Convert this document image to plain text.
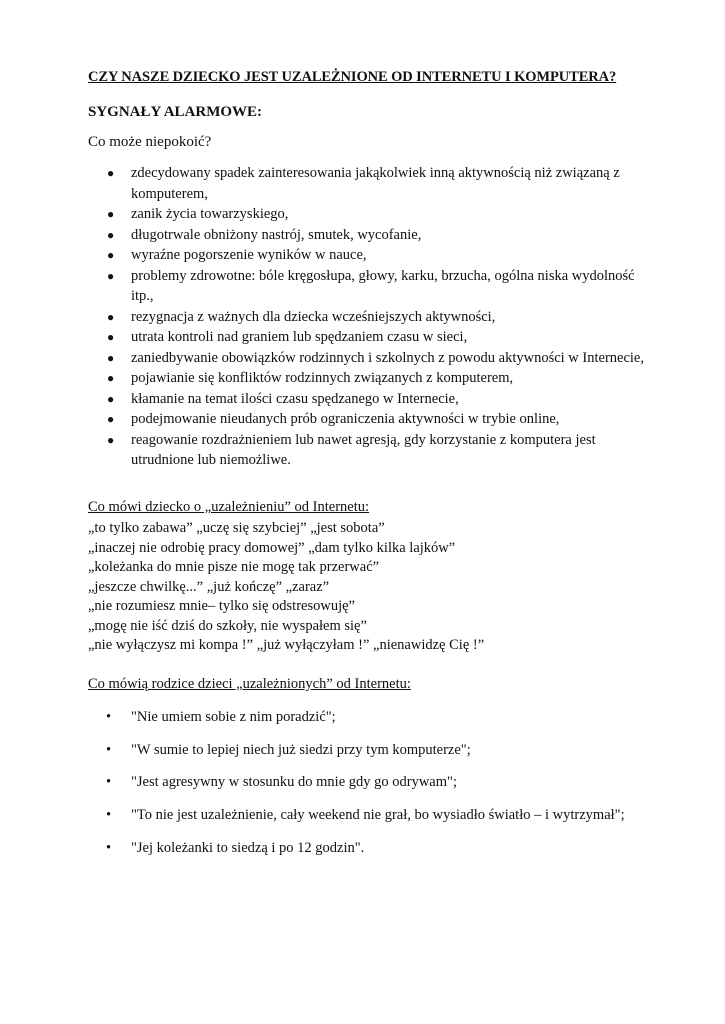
CZY NASZE DZIECKO JEST UZALEŻNIONE OD INTERNETU I KOMPUTERA?
SYGNAŁY ALARMOWE:
Co może niepokoić?
● zdecydowany spadek zainteresowania jakąkolwiek inną aktywnością niż związaną z komputerem,
● zanik życia towarzyskiego,
● długotrwale obniżony nastrój, smutek, wycofanie,
● wyraźne pogorszenie wyników w nauce,
● problemy zdrowotne: bóle kręgosłupa, głowy, karku, brzucha, ogólna niska wydolność itp.,
● rezygnacja z ważnych dla dziecka wcześniejszych aktywności,
● utrata kontroli nad graniem lub spędzaniem czasu w sieci,
● zaniedbywanie obowiązków rodzinnych i szkolnych z powodu aktywności w Internecie,
● pojawianie się konfliktów rodzinnych związanych z komputerem,
● kłamanie na temat ilości czasu spędzanego w Internecie,
● podejmowanie nieudanych prób ograniczenia aktywności w trybie online,
● reagowanie rozdrażnieniem lub nawet agresją, gdy korzystanie z komputera jest utrudnione lub niemożliwe.
Co mówi dziecko o „uzależnieniu” od Internetu:
„to tylko zabawa” „uczę się szybciej” „jest sobota”
„inaczej nie odrobię pracy domowej” „dam tylko kilka lajków”
„koleżanka do mnie pisze nie mogę tak przerwać”
„jeszcze chwilkę...” „już kończę” „zaraz”
„nie rozumiesz mnie– tylko się odstresowuję”
„mogę nie iść dziś do szkoły, nie wyspałem się”
„nie wyłączysz mi kompa !” „już wyłączyłam !” „nienawidzę Cię !”
Co mówią rodzice dzieci „uzależnionych” od Internetu:
• "Nie umiem sobie z nim poradzić";
• "W sumie to lepiej niech już siedzi przy tym komputerze";
• "Jest agresywny w stosunku do mnie gdy go odrywam";
• "To nie jest uzależnienie, cały weekend nie grał, bo wysiadło światło – i wytrzymał";
• "Jej koleżanki to siedzą i po 12 godzin".
